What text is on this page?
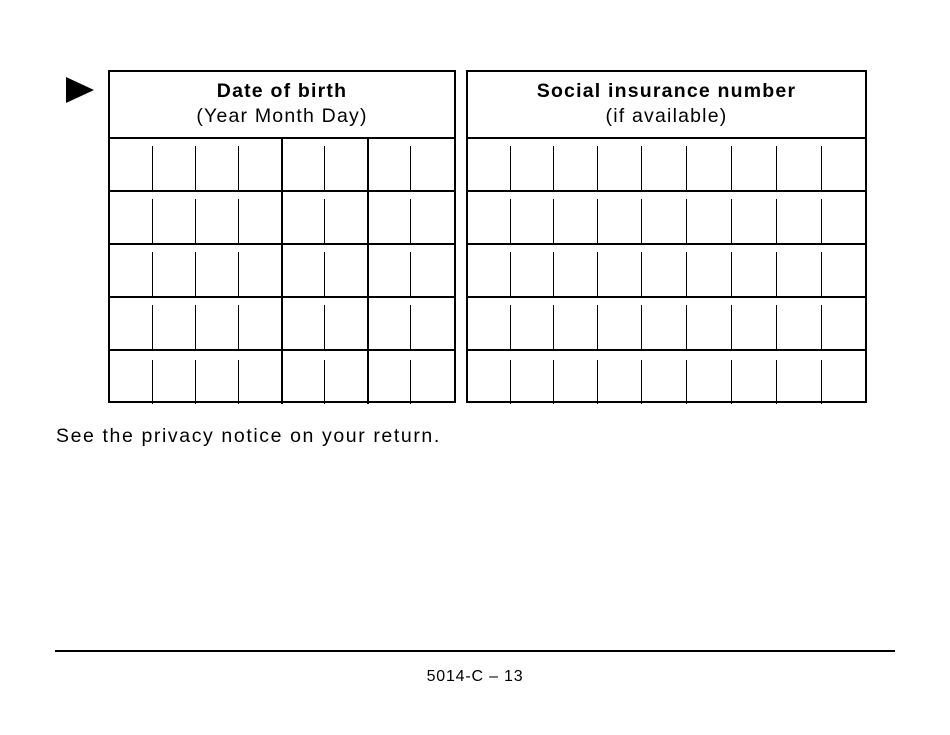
Date of birth
(Year Month Day)
Social insurance number
(if available)
See the privacy notice on your return.
5014-C – 13
